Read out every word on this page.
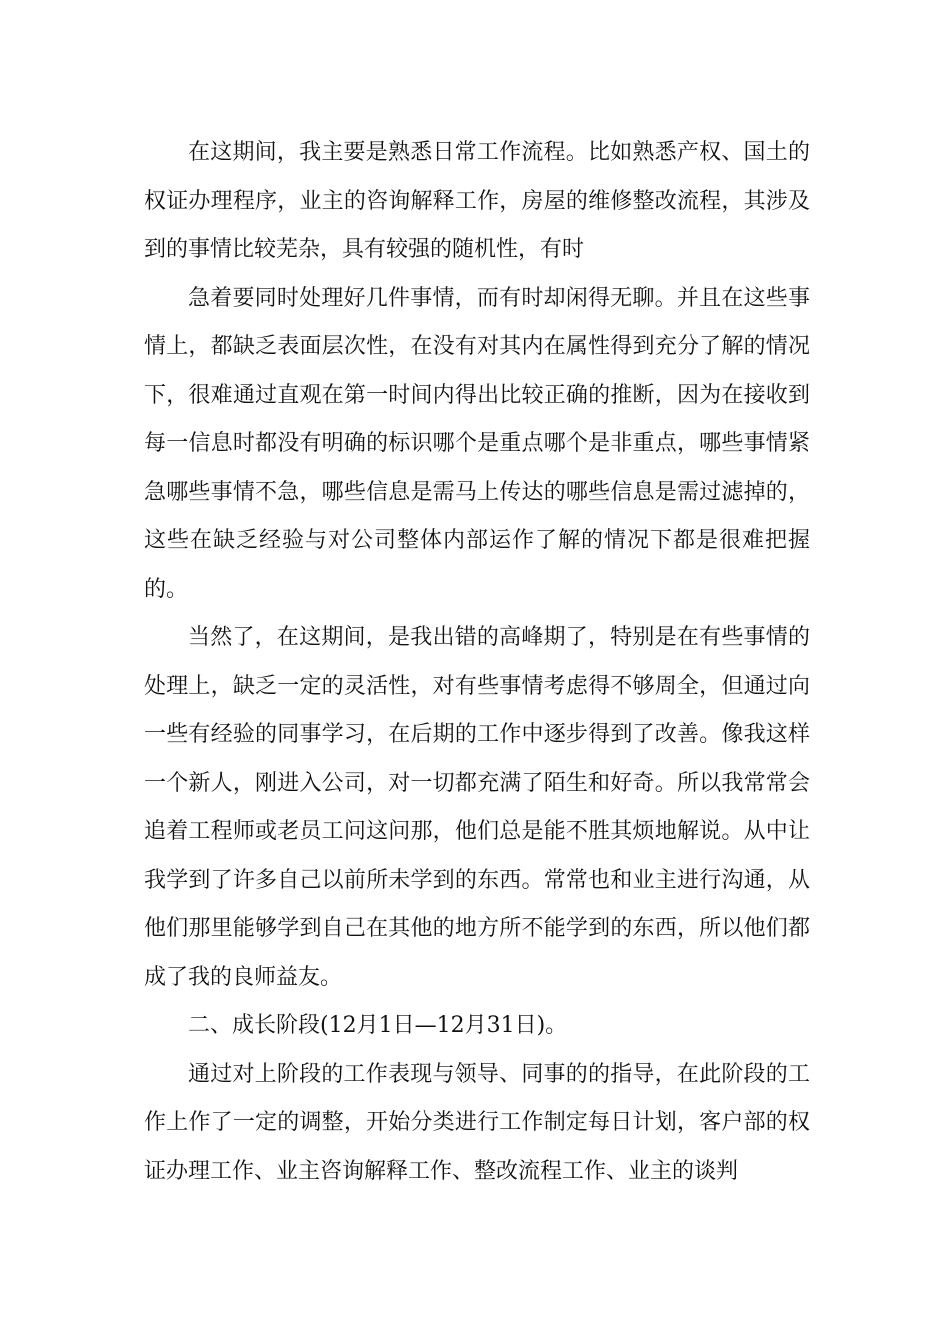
在这期间，我主要是熟悉日常工作流程。比如熟悉产权、国土的权证办理程序，业主的咨询解释工作，房屋的维修整改流程，其涉及到的事情比较芜杂，具有较强的随机性，有时

急着要同时处理好几件事情，而有时却闲得无聊。并且在这些事情上，都缺乏表面层次性，在没有对其内在属性得到充分了解的情况下，很难通过直观在第一时间内得出比较正确的推断，因为在接收到每一信息时都没有明确的标识哪个是重点哪个是非重点，哪些事情紧急哪些事情不急，哪些信息是需马上传达的哪些信息是需过滤掉的，这些在缺乏经验与对公司整体内部运作了解的情况下都是很难把握的。

当然了，在这期间，是我出错的高峰期了，特别是在有些事情的处理上，缺乏一定的灵活性，对有些事情考虑得不够周全，但通过向一些有经验的同事学习，在后期的工作中逐步得到了改善。像我这样一个新人，刚进入公司，对一切都充满了陌生和好奇。所以我常常会追着工程师或老员工问这问那，他们总是能不胜其烦地解说。从中让我学到了许多自己以前所未学到的东西。常常也和业主进行沟通，从他们那里能够学到自己在其他的地方所不能学到的东西，所以他们都成了我的良师益友。

二、成长阶段(12月1日—12月31日)。

通过对上阶段的工作表现与领导、同事的的指导，在此阶段的工作上作了一定的调整，开始分类进行工作制定每日计划，客户部的权证办理工作、业主咨询解释工作、整改流程工作、业主的谈判
